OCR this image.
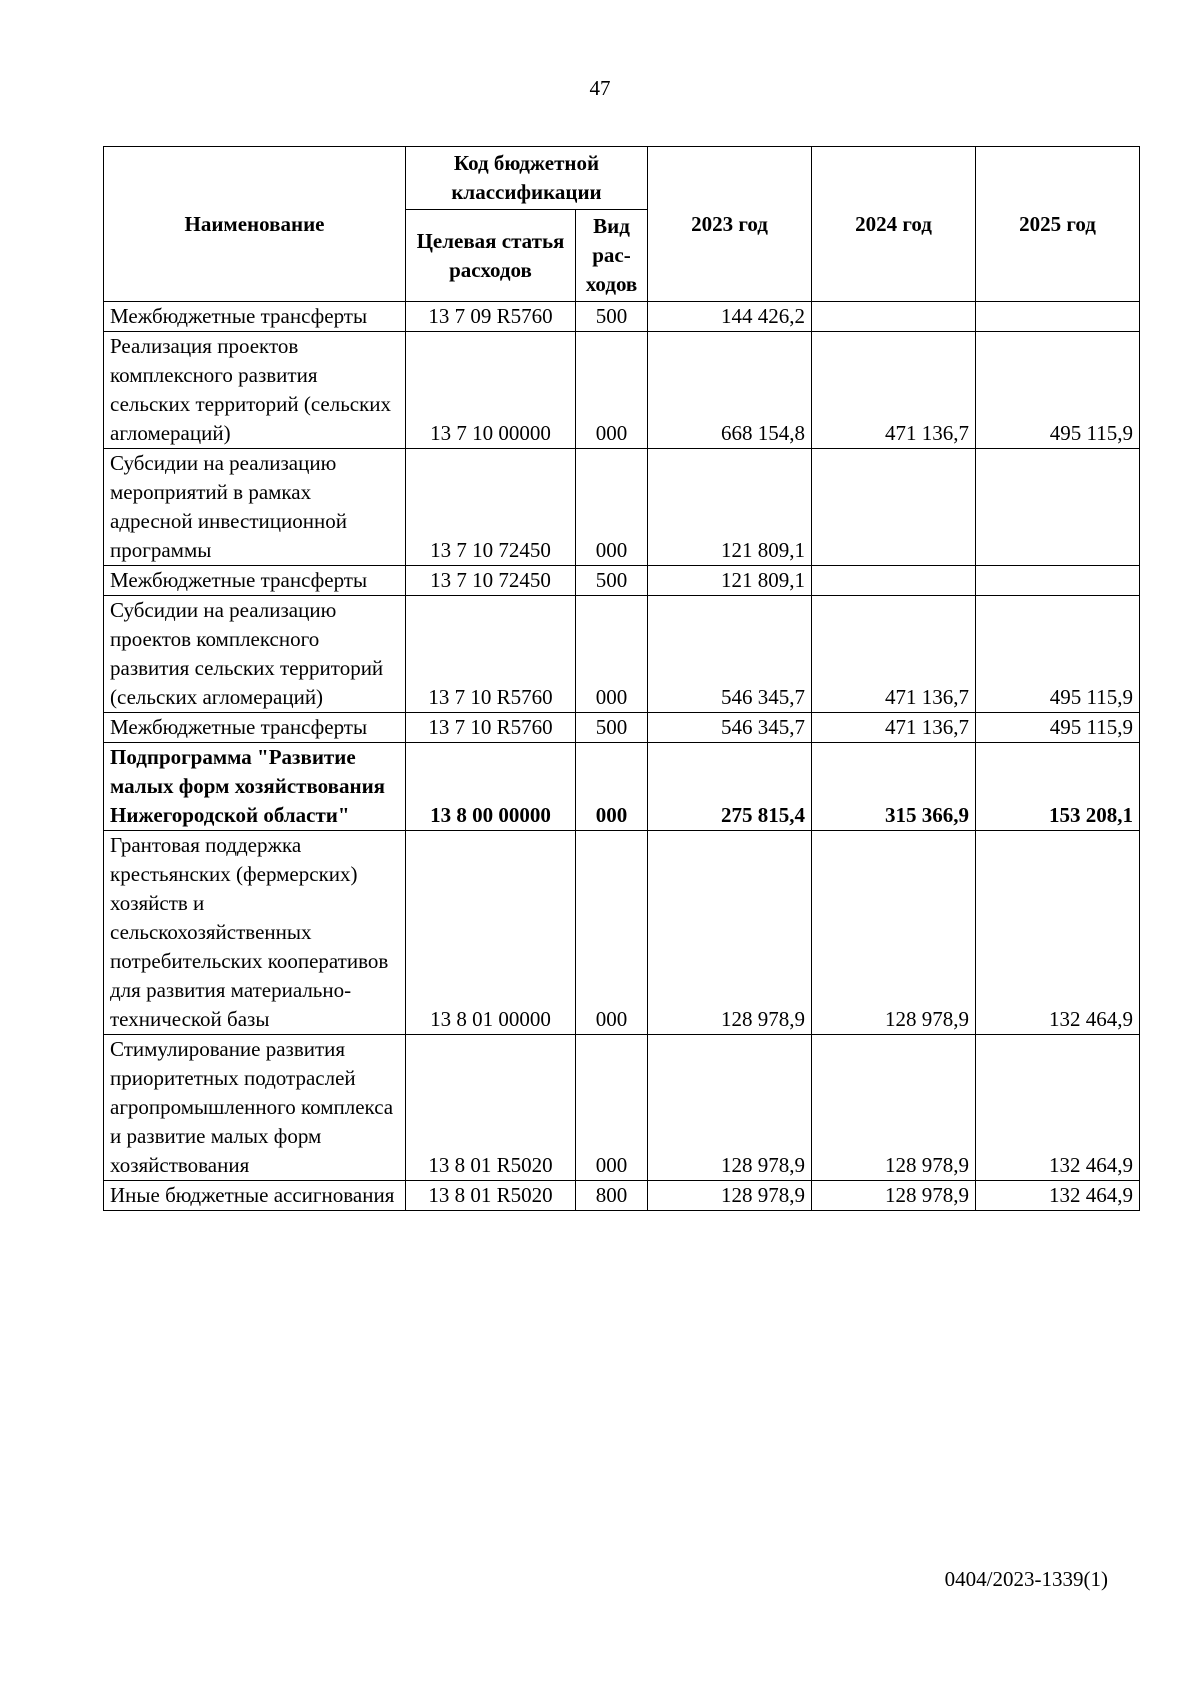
47
Наименование	Код бюджетной классификации		2023 год	2024 год	2025 год
	Целевая статья расходов	Вид рас- ходов			
Межбюджетные трансферты	13 7 09 R5760	500	144 426,2		
Реализация проектов комплексного развития сельских территорий (сельских агломераций)	13 7 10 00000	000	668 154,8	471 136,7	495 115,9
Субсидии на реализацию мероприятий в рамках адресной инвестиционной программы	13 7 10 72450	000	121 809,1		
Межбюджетные трансферты	13 7 10 72450	500	121 809,1		
Субсидии на реализацию проектов комплексного развития сельских территорий (сельских агломераций)	13 7 10 R5760	000	546 345,7	471 136,7	495 115,9
Межбюджетные трансферты	13 7 10 R5760	500	546 345,7	471 136,7	495 115,9
Подпрограмма "Развитие малых форм хозяйствования Нижегородской области"	13 8 00 00000	000	275 815,4	315 366,9	153 208,1
Грантовая поддержка крестьянских (фермерских) хозяйств и сельскохозяйственных потребительских кооперативов для развития материально-технической базы	13 8 01 00000	000	128 978,9	128 978,9	132 464,9
Стимулирование развития приоритетных подотраслей агропромышленного комплекса и развитие малых форм хозяйствования	13 8 01 R5020	000	128 978,9	128 978,9	132 464,9
Иные бюджетные ассигнования	13 8 01 R5020	800	128 978,9	128 978,9	132 464,9
0404/2023-1339(1)
